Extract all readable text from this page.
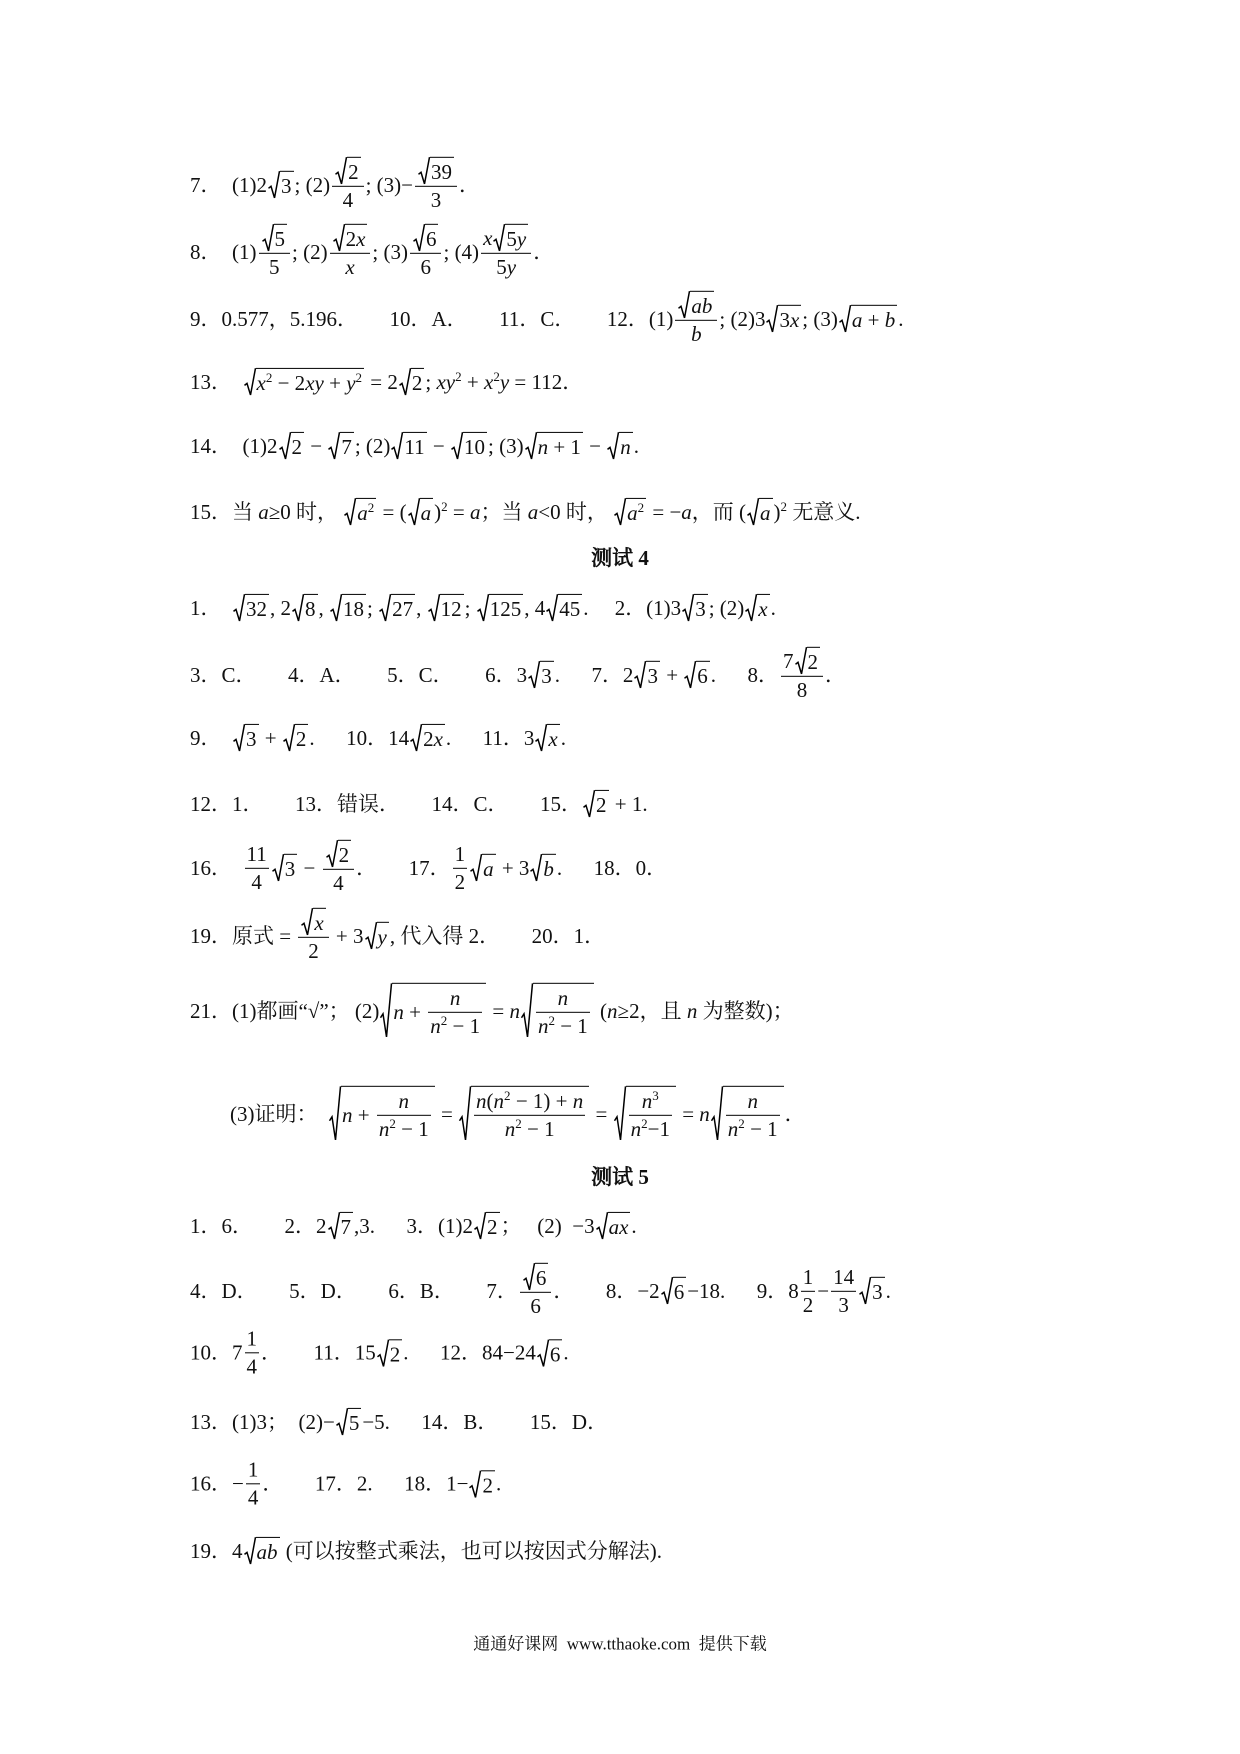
7．  (1)2 3 ; $(2) \frac{2}{4}$ ; $(3)- \frac{39}{3}$ ．
8．  $(1) \frac{5}{5}$ ; $(2) \frac{2x}{x}$ ; $(3) \frac{6}{6}$ ; $(4) \frac{x 5y}{5y}$ ．
9．0.577，5.196．      10．A．      11．C．      12．$(1) \frac{ab}{b}$ ; (2)3 3x ; (3) a + b .
13． $x^2 - 2xy + y^2 = 2$ 2 ; $xy^2 + x^2y = 112$．
14．  (1)2 2 − 7 ; (2) 11 − 10 ; (3) n + 1 − n .
15．当 a≥0 时， $a^2$ = ( a )$^2$ = a；当 a<0 时， $a^2 = -a$，而 ( a )$^2$ 无意义.
测试 4
1． 32 , 2 8 , 18 ; 27 , 12 ; 125 , 4 45 .     2．(1)3 3 ; (2) x .
3．C．      4．A．      5．C．      6．3 3 .      7．2 3 + 6 .      8． $\frac{7 2}{8}$ ．
9． 3 + 2 .      10．14 2x .      11．3 x .
12．1．      13．错误．      14．C．      15． 2 + 1.
16． $\frac{11}{4} 3 - \frac{2}{4}$ ．      17． $\frac{1}{2}$ a + 3 b .      18．0．
19．原式 = $\frac{x}{2} + 3$ y , 代入得 2．      20．1．
21．(1)都画“√”； (2) $n + \frac{n}{n^2 - 1} = n \frac{n}{n^2 - 1} (n\ge 2$，且 n 为整数)；
(3)证明： $n + \frac{n}{n^2 - 1} = \frac{n(n^2 - 1) + n}{n^2 - 1} = \frac{n^3}{n^2-1} = n \frac{n}{n^2 - 1}$ ．
测试 5
1．6．      2．2 7 ,3.      3．(1)2 2 ；   (2)  −3 ax .
4．D．      5．D．      6．B．      7． $\frac{6}{6}$ ．      8．−2 6 −18.      9．$8 \frac{1}{2} - \frac{14}{3} 3$ .
10．$7 \frac{1}{4}$ ．      11．15 2 .      12．84−24 6 .
13．(1)3；  (2)− 5 −5.      14．B．      15．D．
16．− $\frac{1}{4}$ ．      17．2.      18．1− 2 .
19．4 ab (可以按整式乘法，也可以按因式分解法).
通通好课网  www.tthaoke.com  提供下载
